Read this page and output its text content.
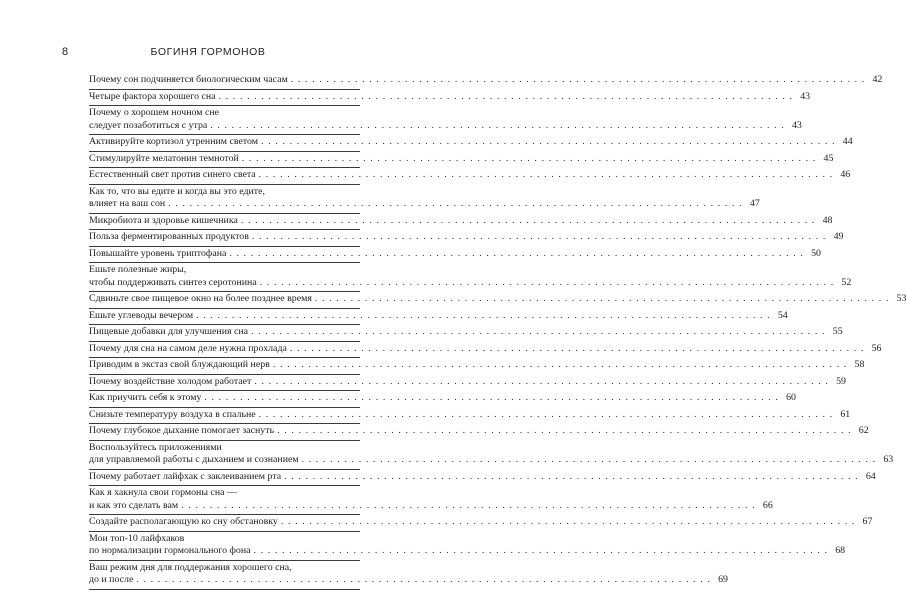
8	БОГИНЯ ГОРМОНОВ
Почему сон подчиняется биологическим часам . . .	42
Четыре фактора хорошего сна . . .	43
Почему о хорошем ночном сне
следует позаботиться с утра . . .	43
Активируйте кортизол утренним светом . . .	44
Стимулируйте мелатонин темнотой . . .	45
Естественный свет против синего света . . .	46
Как то, что вы едите и когда вы это едите,
влияет на ваш сон . . .	47
Микробиота и здоровье кишечника . . .	48
Польза ферментированных продуктов . . .	49
Повышайте уровень триптофана . . .	50
Ешьте полезные жиры,
чтобы поддерживать синтез серотонина . . .	52
Сдвиньте свое пищевое окно на более позднее время . . .	53
Ешьте углеводы вечером . . .	54
Пищевые добавки для улучшения сна . . .	55
Почему для сна на самом деле нужна прохлада . . .	56
Приводим в экстаз свой блуждающий нерв . . .	58
Почему воздействие холодом работает . . .	59
Как приучить себя к этому . . .	60
Снизьте температуру воздуха в спальне . . .	61
Почему глубокое дыхание помогает заснуть . . .	62
Воспользуйтесь приложениями
для управляемой работы с дыханием и сознанием . . .	63
Почему работает лайфхак с заклеиванием рта . . .	64
Как я хакнула свои гормоны сна —
и как это сделать вам . . .	66
Создайте располагающую ко сну обстановку . . .	67
Мои топ-10 лайфхаков
по нормализации гормонального фона . . .	68
Ваш режим дня для поддержания хорошего сна,
до и после . . .	69
